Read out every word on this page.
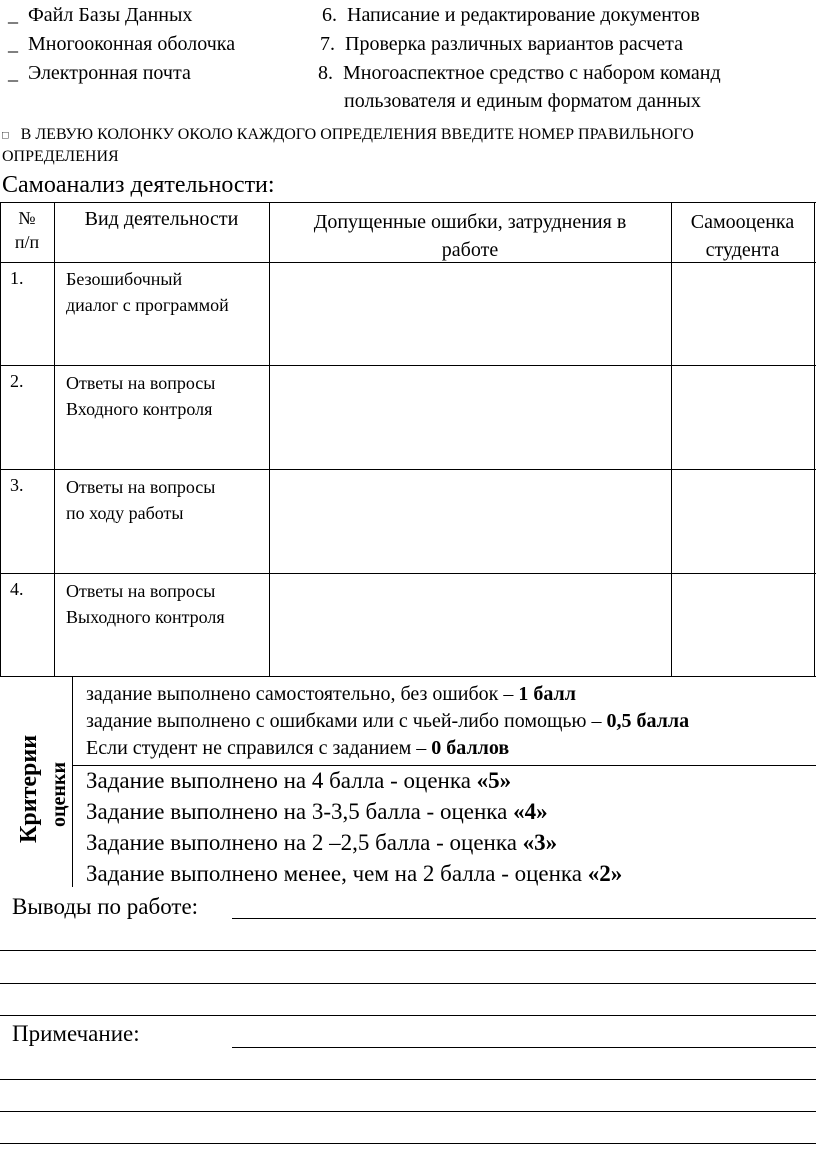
_ Файл Базы Данных
_ Многооконная оболочка
_ Электронная почта
6. Написание и редактирование документов
7. Проверка различных вариантов расчета
8. Многоаспектное средство с набором команд
пользователя и единым форматом данных
□ В ЛЕВУЮ КОЛОНКУ ОКОЛО КАЖДОГО ОПРЕДЕЛЕНИЯ ВВЕДИТЕ НОМЕР ПРАВИЛЬНОГО
ОПРЕДЕЛЕНИЯ
Самоанализ деятельности:
№
п/п
Вид деятельности	Допущенные ошибки, затруднения в
работе
Самооценка
студента
1. Безошибочный
диалог с программой
2. Ответы на вопросы
Входного контроля
3. Ответы на вопросы
по ходу работы
4. Ответы на вопросы
Выходного контроля
Критерии оценки
задание выполнено самостоятельно, без ошибок – 1 балл
задание выполнено с ошибками или с чьей-либо помощью – 0,5 балла
Если студент не справился с заданием – 0 баллов
Задание выполнено на 4 балла - оценка «5»
Задание выполнено на 3-3,5 балла - оценка «4»
Задание выполнено на 2 –2,5 балла - оценка «3»
Задание выполнено менее, чем на 2 балла - оценка «2»
Выводы по работе:
Примечание:
